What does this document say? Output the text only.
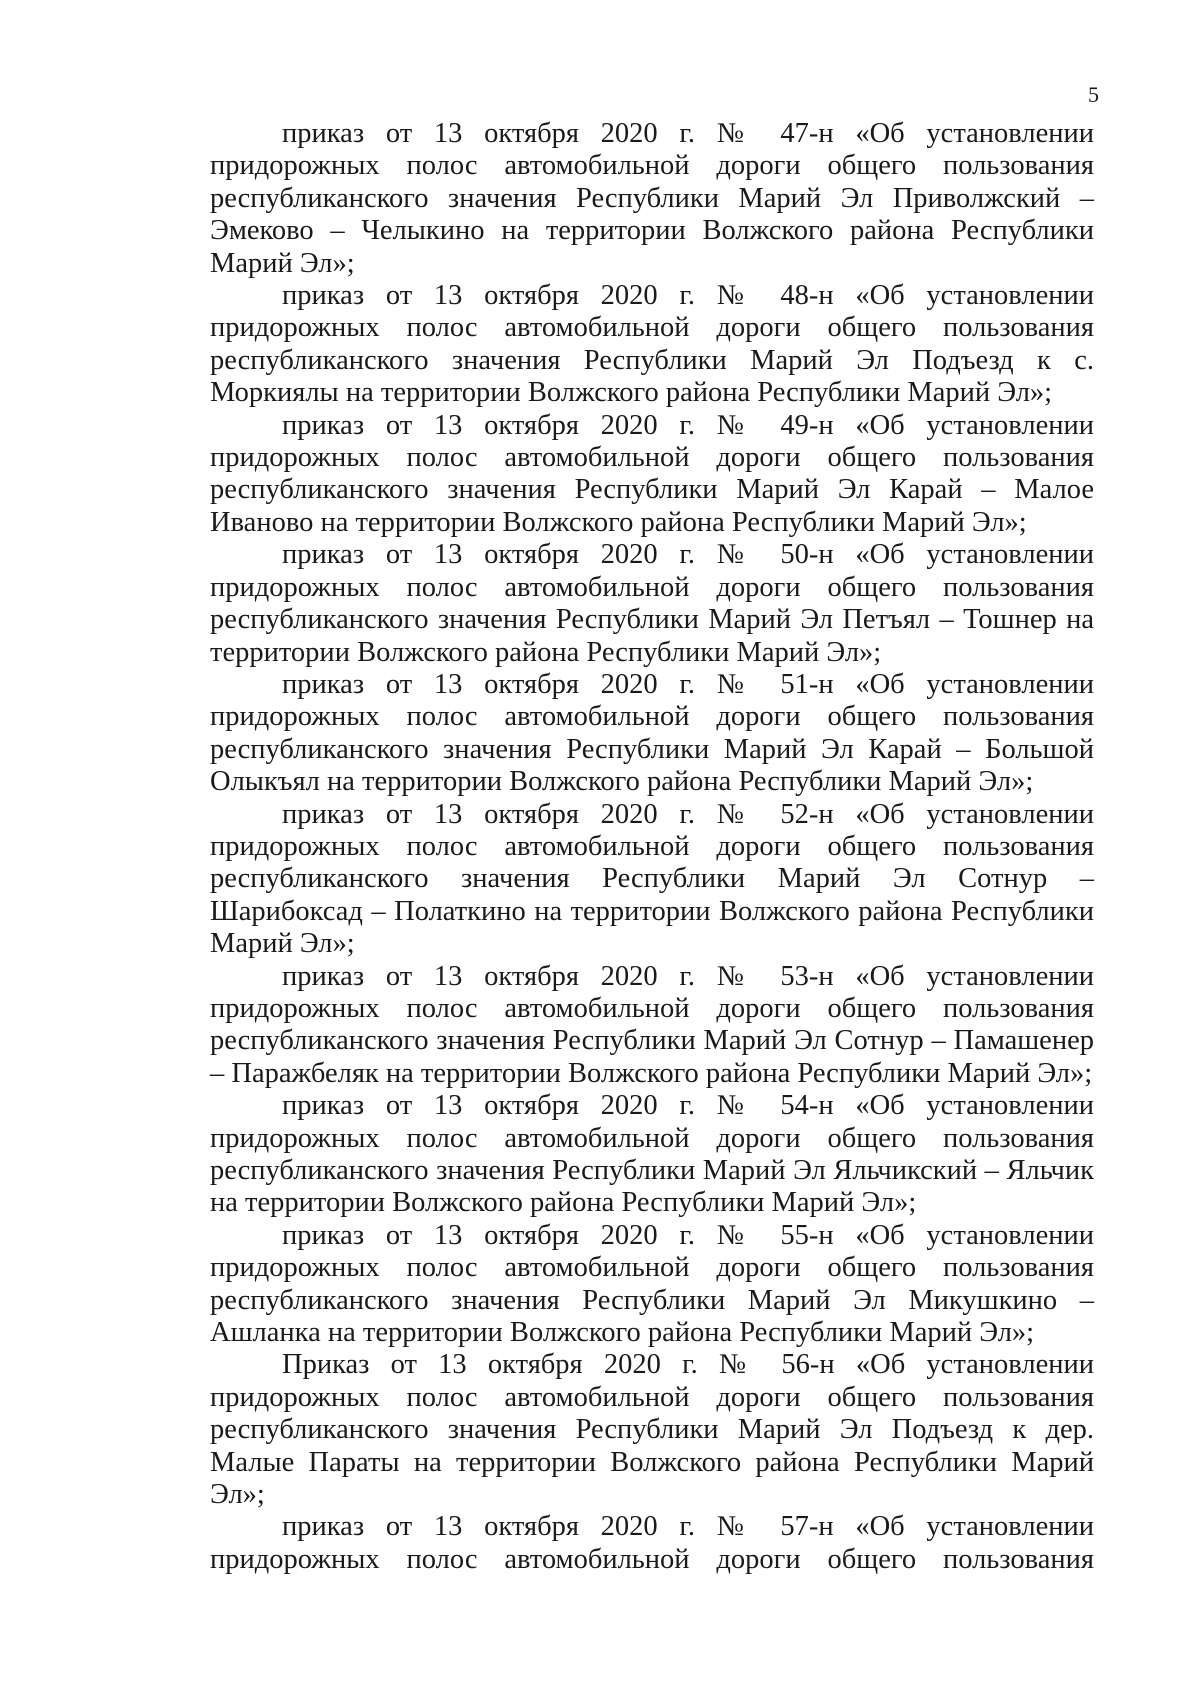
5

приказ от 13 октября 2020 г. № 47-н «Об установлении придорожных полос автомобильной дороги общего пользования республиканского значения Республики Марий Эл Приволжский – Эмеково – Челыкино на территории Волжского района Республики Марий Эл»;

приказ от 13 октября 2020 г. № 48-н «Об установлении придорожных полос автомобильной дороги общего пользования республиканского значения Республики Марий Эл Подъезд к с. Моркиялы на территории Волжского района Республики Марий Эл»;

приказ от 13 октября 2020 г. № 49-н «Об установлении придорожных полос автомобильной дороги общего пользования республиканского значения Республики Марий Эл Карай – Малое Иваново на территории Волжского района Республики Марий Эл»;

приказ от 13 октября 2020 г. № 50-н «Об установлении придорожных полос автомобильной дороги общего пользования республиканского значения Республики Марий Эл Петъял – Тошнер на территории Волжского района Республики Марий Эл»;

приказ от 13 октября 2020 г. № 51-н «Об установлении придорожных полос автомобильной дороги общего пользования республиканского значения Республики Марий Эл Карай – Большой Олыкъял на территории Волжского района Республики Марий Эл»;

приказ от 13 октября 2020 г. № 52-н «Об установлении придорожных полос автомобильной дороги общего пользования республиканского значения Республики Марий Эл Сотнур – Шарибоксад – Полаткино на территории Волжского района Республики Марий Эл»;

приказ от 13 октября 2020 г. № 53-н «Об установлении придорожных полос автомобильной дороги общего пользования республиканского значения Республики Марий Эл Сотнур – Памашенер – Паражбеляк на территории Волжского района Республики Марий Эл»;

приказ от 13 октября 2020 г. № 54-н «Об установлении придорожных полос автомобильной дороги общего пользования республиканского значения Республики Марий Эл Яльчикский – Яльчик на территории Волжского района Республики Марий Эл»;

приказ от 13 октября 2020 г. № 55-н «Об установлении придорожных полос автомобильной дороги общего пользования республиканского значения Республики Марий Эл Микушкино – Ашланка на территории Волжского района Республики Марий Эл»;

Приказ от 13 октября 2020 г. № 56-н «Об установлении придорожных полос автомобильной дороги общего пользования республиканского значения Республики Марий Эл Подъезд к дер. Малые Параты на территории Волжского района Республики Марий Эл»;

приказ от 13 октября 2020 г. № 57-н «Об установлении придорожных полос автомобильной дороги общего пользования
